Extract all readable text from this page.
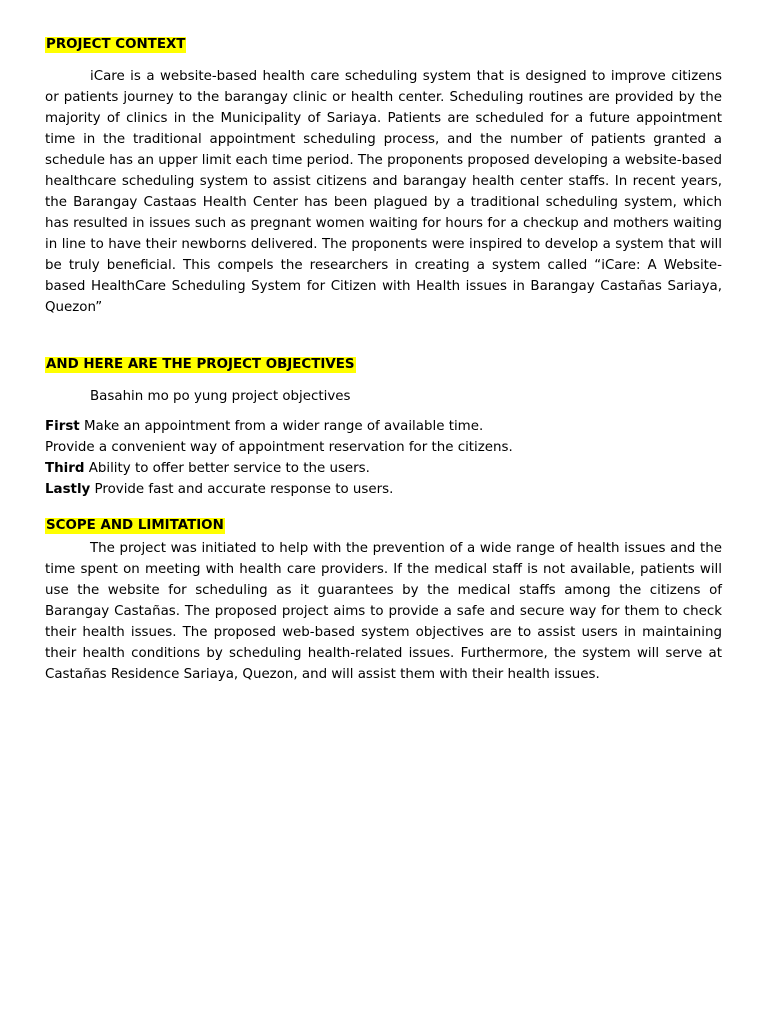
PROJECT CONTEXT

iCare is a website-based health care scheduling system that is designed to improve citizens or patients journey to the barangay clinic or health center. Scheduling routines are provided by the majority of clinics in the Municipality of Sariaya. Patients are scheduled for a future appointment time in the traditional appointment scheduling process, and the number of patients granted a schedule has an upper limit each time period. The proponents proposed developing a website-based healthcare scheduling system to assist citizens and barangay health center staffs. In recent years, the Barangay Castaas Health Center has been plagued by a traditional scheduling system, which has resulted in issues such as pregnant women waiting for hours for a checkup and mothers waiting in line to have their newborns delivered. The proponents were inspired to develop a system that will be truly beneficial. This compels the researchers in creating a system called “iCare: A Website-based HealthCare Scheduling System for Citizen with Health issues in Barangay Castañas Sariaya, Quezon”

AND HERE ARE THE PROJECT OBJECTIVES

Basahin mo po yung project objectives

First Make an appointment from a wider range of available time.

Provide a convenient way of appointment reservation for the citizens.

Third Ability to offer better service to the users.

Lastly Provide fast and accurate response to users.

SCOPE AND LIMITATION

The project was initiated to help with the prevention of a wide range of health issues and the time spent on meeting with health care providers. If the medical staff is not available, patients will use the website for scheduling as it guarantees by the medical staffs among the citizens of Barangay Castañas. The proposed project aims to provide a safe and secure way for them to check their health issues. The proposed web-based system objectives are to assist users in maintaining their health conditions by scheduling health-related issues. Furthermore, the system will serve at Castañas Residence Sariaya, Quezon, and will assist them with their health issues.
